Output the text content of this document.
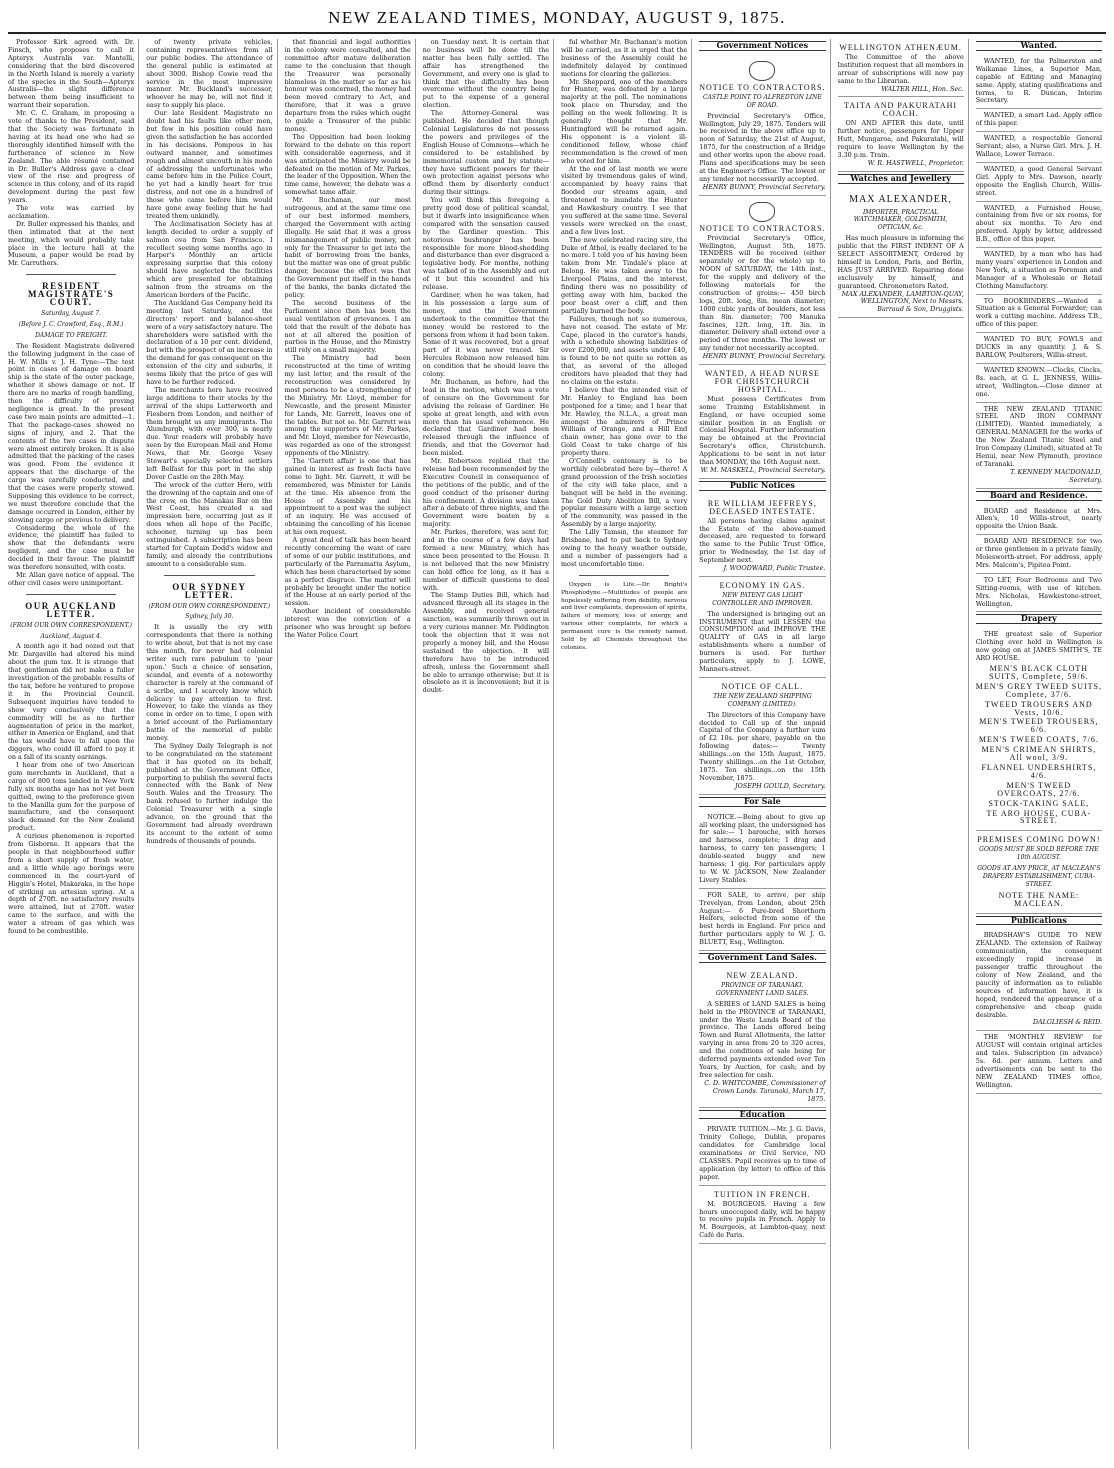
NEW ZEALAND TIMES, MONDAY, AUGUST 9, 1875.

Professor Kirk agreed with Dr. Finsch, who proposes to call it Apteryx Australis var. Mantelli, considering that the bird discovered in the North Island is merely a variety of the species in the South—Apteryx Australis—the slight difference between them being insufficient to warrant their separation.

Mr. C. C. Graham, in proposing a vote of thanks to the President, said that the Society was fortunate in having at its head one who had so thoroughly identified himself with the furtherance of science in New Zealand. The able résumé contained in Dr. Buller's Address gave a clear view of the rise and progress of science in this colony, and of its rapid development during the past few years.

The vote was carried by acclamation.

Dr. Buller expressed his thanks, and then intimated that at the next meeting, which would probably take place in the lecture hall at the Museum, a paper would be read by Mr. Carruthers.

RESIDENT MAGISTRATE'S COURT.
Saturday, August 7.
(Before J. C. Crawford, Esq., R.M.)
DAMAGE TO FREIGHT.

The Resident Magistrate delivered the following judgment in the case of H. W. Mills v. J. H. Tyne:—The test point in cases of damage on board ship is the state of the outer package, whether it shows damage or not. If there are no marks of rough handling, then the difficulty of proving negligence is great. In the present case two main points are admitted—1. That the package-cases showed no signs of injury, and 2. That the contents of the two cases in dispute were almost entirely broken. It is also admitted that the packing of the cases was good. From the evidence it appears that the discharge of the cargo was carefully conducted, and that the cases were properly stowed. Supposing this evidence to be correct, we must therefore conclude that the damage occurred in London, either by stowing cargo or previous to delivery.

Considering the whole of the evidence, the plaintiff has failed to show that the defendants were negligent, and the case must be decided in their favour. The plaintiff was therefore nonsuited, with costs.

Mr. Allan gave notice of appeal. The other civil cases were unimportant.

OUR AUCKLAND LETTER.
(FROM OUR OWN CORRESPONDENT.)
Auckland, August 4.

A month ago it had oozed out that Mr. Dargaville had altered his mind about the gum tax. It is strange that that gentleman did not make a fuller investigation of the probable results of the tax, before he ventured to propose it in the Provincial Council. Subsequent inquiries have tended to show very conclusively that the commodity will be as no further augmentation of price in the market, either in America or England, and that the tax would have to fall upon the diggers, who could ill afford to pay it on a fall of its scanty earnings.

I hear from one of two American gum merchants in Auckland, that a cargo of 800 tons landed in New York fully six months ago has not yet been quitted, owing to the preference given to the Manilla gum for the purpose of manufacture, and the consequent slack demand for the New Zealand product.

A curious phenomenon is reported from Gisborne. It appears that the people in that neighbourhood suffer from a short supply of fresh water, and a little while ago borings were commenced in the court-yard of Higgin's Hotel, Makaraka, in the hope of striking an artesian spring. At a depth of 270ft. no satisfactory results were attained, but at 270ft. water came to the surface, and with the water a stream of gas which was found to be combustible.

of twenty private vehicles, containing representatives from all our public bodies. The attendance of the general public is estimated at about 3000. Bishop Cowie read the service in the most impressive manner. Mr. Buckland's successor, whoever he may be, will not find it easy to supply his place.

Our late Resident Magistrate no doubt had his faults like other men, but few in his position could have given the satisfaction he has accorded in his decisions. Pompous in his outward manner, and sometimes rough and almost uncouth in his mode of addressing the unfortunates who came before him in the Police Court, he yet had a kindly heart for true distress, and not one in a hundred of those who came before him would have gone away feeling that he had treated them unkindly.

The Acclimatisation Society has at length decided to order a supply of salmon ova from San Francisco. I recollect seeing some months ago in Harper's Monthly an article expressing surprise that this colony should have neglected the facilities which are presented for obtaining salmon from the streams on the American borders of the Pacific.

The Auckland Gas Company held its meeting last Saturday, and the directors' report and balance-sheet were of a very satisfactory nature. The shareholders were satisfied with the declaration of a 10 per cent. dividend, but with the prospect of an increase in the demand for gas consequent on the extension of the city and suburbs, it seems likely that the price of gas will have to be further reduced.

The merchants here have received large additions to their stocks by the arrival of the ships Lutterworth and Fiesbern from London, and neither of them brought us any immigrants. The Alumburgh, with over 300, is nearly due. Your readers will probably have seen by the European Mail and Home News, that Mr. George Vesey Stewart's specially selected settlers left Belfast for this port in the ship Dover Castle on the 28th May.

The wreck of the cutter Hero, with the drowning of the captain and one of the crew, on the Manakau Bar on the West Coast, has created a sad impression here, occurring just as it does when all hope of the Pacific, schooner, turning up has been extinguished. A subscription has been started for Captain Dodd's widow and family, and already the contributions amount to a considerable sum.

OUR SYDNEY LETTER.
(FROM OUR OWN CORRESPONDENT.)
Sydney, July 30.

It is usually the cry with correspondents that there is nothing to write about, but that is not my case this month, for never had colonial writer such rare pabulum to 'pour upon.' Such a choice of sensation, scandal, and events of a noteworthy character is rarely at the command of a scribe, and I scarcely know which delicacy to pay attention to first. However, to take the viands as they come in order on to time, I open with a brief account of the Parliamentary battle of the memorial of public money.

The Sydney Daily Telegraph is not to be congratulated on the statement that it has quoted on its behalf, published at the Government Office, purporting to publish the several facts connected with the Bank of New South Wales and the Treasury. The bank refused to further indulge the Colonial Treasurer with a single advance, on the ground that the Government had already overdrawn its account to the extent of some hundreds of thousands of pounds.

that financial and legal authorities in the colony were consulted, and the committee after mature deliberation came to the conclusion that though the Treasurer was personally blameless in the matter so far as his honour was concerned, the money had been moved contrary to Act, and therefore, that it was a grave departure from the rules which ought to guide a Treasurer of the public money.

The Opposition had been looking forward to the debate on this report with considerable eagerness, and it was anticipated the Ministry would be defeated on the motion of Mr. Parkes, the leader of the Opposition. When the time came, however, the debate was a somewhat tame affair.

Mr. Buchanan, our most outrageous, and at the same time one of our best informed members, charged the Government with acting illegally. He said that it was a gross mismanagement of public money, not only for the Treasurer to get into the habit of borrowing from the banks, but the matter was one of great public danger, because the effect was that the Government put itself in the hands of the banks, the banks dictated the policy.

The second business of the Parliament since then has been the usual ventilation of grievances. I am told that the result of the debate has not at all altered the position of parties in the House, and the Ministry still rely on a small majority.

The Ministry had been reconstructed at the time of writing my last letter, and the result of the reconstruction was considered by most persons to be a strengthening of the Ministry. Mr. Lloyd, member for Newcastle, and the present Minister for Lands, Mr. Garrett, leaves one of the tables. But not so. Mr. Garrett was among the supporters of Mr. Parkes, and Mr. Lloyd, member for Newcastle, was regarded as one of the strongest opponents of the Ministry.

The 'Garrett affair' is one that has gained in interest as fresh facts have come to light. Mr. Garrett, it will be remembered, was Minister for Lands at the time. His absence from the House of Assembly and his appointment to a post was the subject of an inquiry. He was accused of obtaining the cancelling of his license at his own request.

A great deal of talk has been heard recently concerning the want of care of some of our public institutions, and particularly of the Parramatta Asylum, which has been characterised by some as a perfect disgrace. The matter will probably be brought under the notice of the House at an early period of the session.

Another incident of considerable interest was the conviction of a prisoner who was brought up before the Water Police Court

on Tuesday next. It is certain that no business will be done till the matter has been fully settled. The affair has strengthened the Government, and every one is glad to think that the difficulty has been overcome without the country being put to the expense of a general election.

The Attorney-General was published. He decided that though Colonial Legislatures do not possess the powers and privileges of the English House of Commons—which he considered to be established by immemorial custom and by statute—they have sufficient powers for their own protection against persons who offend them by disorderly conduct during their sittings.

You will think this foregoing a pretty good dose of political scandal, but it dwarfs into insignificance when compared with the sensation caused by the Gardiner question. This notorious bushranger has been responsible for more blood-shedding and disturbance than ever disgraced a legislative body. For months, nothing was talked of in the Assembly and out of it but this scoundrel and his release.

Gardiner, when he was taken, had in his possession a large sum of money, and the Government undertook to the committee that the money would be restored to the persons from whom it had been taken. Some of it was recovered, but a great part of it was never traced. Sir Hercules Robinson now released him on condition that he should leave the colony.

Mr. Buchanan, as before, had the lead in the motion, which was a vote of censure on the Government for advising the release of Gardiner. He spoke at great length, and with even more than his usual vehemence. He declared that Gardiner had been released through the influence of friends, and that the Governor had been misled.

Mr. Robertson replied that the release had been recommended by the Executive Council in consequence of the petitions of the public, and of the good conduct of the prisoner during his confinement. A division was taken after a debate of three nights, and the Government were beaten by a majority.

Mr. Parkes, therefore, was sent for, and in the course of a few days had formed a new Ministry, which has since been presented to the House. It is not believed that the new Ministry can hold office for long, as it has a number of difficult questions to deal with.

The Stamp Duties Bill, which had advanced through all its stages in the Assembly, and received general sanction, was summarily thrown out in a very curious manner. Mr. Piddington took the objection that it was not properly a money bill, and the House sustained the objection. It will therefore have to be introduced afresh, unless the Government shall be able to arrange otherwise; but it is obsolete as it is inconvenient; but it is doubt-

ful whether Mr. Buchanan's motion will be carried, as it is urged that the business of the Assembly could be indefinitely delayed by continued motions for clearing the galleries.

Mr. Sheppard, one of the members for Hunter, was defeated by a large majority at the poll. The nominations took place on Thursday, and the polling on the week following. It is generally thought that Mr. Huntingford will be returned again. His opponent is a violent ill-conditioned fellow, whose chief recommendation is the crowd of men who voted for him.

At the end of last month we were visited by tremendous gales of wind, accompanied by heavy rains that flooded our streams again, and threatened to inundate the Hunter and Hawkesbury country. I see that you suffered at the same time. Several vessels were wrecked on the coast, and a few lives lost.

The new celebrated racing sire, the Duke of Athol, is really declared to be no more. I told you of his having been taken from Mr. Tindale's place at Belong. He was taken away to the Liverpool Plains, and the interest, finding there was no possibility of getting away with him, backed the poor beast over a cliff, and then partially burned the body.

Failures, though not so numerous, have not ceased. The estate of Mr. Cape, placed in the curator's hands, with a schedule showing liabilities of over £200,000, and assets under £40, is found to be not quite so rotten as that, as several of the alleged creditors have pleaded that they had no claims on the estate.

I believe that the intended visit of Mr. Hanley to England has been postponed for a time; and I hear that Mr. Hawley, the N.L.A., a great man amongst the admirers of Prince William of Orange, and a Hill End chain owner, has gone over to the Gold Coast to take charge of his property there.

O'Connell's centenary is to be worthily celebrated here by—there! A grand procession of the Irish societies of the city will take place, and a banquet will be held in the evening. The Gold Duty Abolition Bill, a very popular measure with a large section of the community, was passed in the Assembly by a large majority.

The Lilly Tamsin, the steamer for Brisbane, had to put back to Sydney owing to the heavy weather outside, and a number of passengers had a most uncomfortable time.

Oxygen is Life.—Dr. Bright's Phosphodyne.—Multitudes of people are hopelessly suffering from debility, nervous and liver complaints, depression of spirits, failure of memory, loss of energy, and various other complaints, for which a permanent cure is the remedy named. Sold by all Chemists throughout the colonies.

Government Notices
NOTICE TO CONTRACTORS.
CASTLE POINT TO ALFREDTON LINE OF ROAD.

Provincial Secretary's Office, Wellington, July 29, 1875. Tenders will be received in the above office up to noon of Saturday, the 21st of August, 1875, for the construction of a Bridge and other works upon the above road. Plans and specifications may be seen at the Engineer's Office. The lowest or any tender not necessarily accepted.

HENRY BUNNY, Provincial Secretary.
NOTICE TO CONTRACTORS.

Provincial Secretary's Office, Wellington, August 5th, 1875. TENDERS will be received (either separately or for the whole) up to NOON of SATURDAY, the 14th inst., for the supply and delivery of the following materials for the construction of groins:— 450 birch logs, 20ft. long, 8in. mean diameter; 1000 cubic yards of boulders, not less than 8in. diameter; 700 Manuka fascines, 12ft. long, 1ft. 3in. in diameter. Delivery shall extend over a period of three months. The lowest or any tender not necessarily accepted.

HENRY BUNNY, Provincial Secretary.
WANTED, A HEAD NURSE FOR CHRISTCHURCH HOSPITAL.

Must possess Certificates from some Training Establishment in England, or have occupied some similar position in an English or Colonial Hospital. Further information may be obtained at the Provincial Secretary's office, Christchurch. Applications to be sent in not later than MONDAY, the 16th August next.

W. M. MASKELL, Provincial Secretary.
Public Notices
RE WILLIAM JEFFREYS, DECEASED INTESTATE.

All persons having claims against the Estate of the above-named deceased, are requested to forward the same to the Public Trust Office, prior to Wednesday, the 1st day of September next.

J. WOODWARD, Public Trustee.
ECONOMY IN GAS.
NEW PATENT GAS LIGHT CONTROLLER AND IMPROVER.

The undersigned is bringing out an INSTRUMENT that will LESSEN the CONSUMPTION and IMPROVE THE QUALITY of GAS in all large establishments where a number of burners is used. For further particulars, apply to J. LOWE, Manners-street.

NOTICE OF CALL.
THE NEW ZEALAND SHIPPING COMPANY (LIMITED).

The Directors of this Company have decided to Call up of the unpaid Capital of the Company a further sum of £2 10s. per share, payable on the following dates:— Twenty shillings...on the 15th August, 1875. Twenty shillings...on the 1st October, 1875. Ten shillings...on the 15th November, 1875.

JOSEPH GOULD, Secretary.
For Sale

NOTICE.—Being about to give up all working plant, the undersigned has for sale:— 1 barouche, with horses and harness, complete; 1 drag and harness, to carry ten passengers; 1 double-seated buggy and new harness; 1 gig. For particulars apply to W. W. JACKSON, New Zealander Livery Stables.

FOR SALE, to arrive, per ship Trevelyan, from London, about 25th August:— 6 Pure-bred Shorthorn Heifers, selected from some of the best herds in England. For price and further particulars apply to W. J. G. BLUETT, Esq., Wellington.

Government Land Sales.
NEW ZEALAND.
PROVINCE OF TARANAKI. GOVERNMENT LAND SALES.

A SERIES of LAND SALES is being held in the PROVINCE of TARANAKI, under the Waste Lands Board of the province. The Lands offered being Town and Rural Allotments, the latter varying in area from 20 to 320 acres, and the conditions of sale being for deferred payments extended over Ten Years, by Auction, for cash; and by free selection for cash.

C. D. WHITCOMBE, Commissioner of Crown Lands. Taranaki, March 17, 1875.
Education

PRIVATE TUITION.—Mr. J. G. Davis, Trinity College, Dublin, prepares candidates for Cambridge local examinations or Civil Service, NO CLASSES. Pupil receives up to time of application (by letter) to office of this paper.

TUITION IN FRENCH.

M. BOURGEOIS. Having a few hours unoccupied daily, will be happy to receive pupils in French. Apply to M. Bourgeois, at Lambton-quay, next Café de Paris.

WELLINGTON ATHENÆUM.

The Committee of the above Institution request that all members in arrear of subscriptions will now pay same to the Librarian.

WALTER HILL, Hon. Sec.
TAITA AND PAKURATAHI COACH.

ON AND AFTER this date, until further notice, passengers for Upper Hutt, Mungaroa, and Pakuratahi, will require to leave Wellington by the 3.30 p.m. Train.

W. R. HASTWELL, Proprietor.
Watches and Jewellery
MAX ALEXANDER,
IMPORTER, PRACTICAL WATCHMAKER, GOLDSMITH, OPTICIAN, &c.

Has much pleasure in informing the public that the FIRST INDENT OF A SELECT ASSORTMENT, Ordered by himself in London, Paris, and Berlin, HAS JUST ARRIVED. Repairing done exclusively by himself, and guaranteed. Chronometers Rated.

MAX ALEXANDER, LAMBTON-QUAY, WELLINGTON, Next to Messrs. Barraud & Son, Druggists.
Wanted.

WANTED, for the Palmerston and Waikanae Lines, a Superior Man, capable of Editing and Managing same. Apply, stating qualifications and terms, to R. Duncan, Interim Secretary.

WANTED, a smart Lad. Apply office of this paper.

WANTED, a respectable General Servant; also, a Nurse Girl. Mrs. J. H. Wallace, Lower Terrace.

WANTED, a good General Servant Girl. Apply to Mrs. Dawson, nearly opposite the English Church, Willis-street.

WANTED, a Furnished House, containing from five or six rooms, for about six months. To Aro end preferred. Apply by letter, addressed B.B., office of this paper.

WANTED, by a man who has had many years' experience in London and New York, a situation as Foreman and Manager of a Wholesale or Retail Clothing Manufactory.

TO BOOKBINDERS.—Wanted a Situation as a General Forwarder; can work a cutting machine. Address T.B., office of this paper.

WANTED TO BUY, FOWLS and DUCKS in any quantity. J. & S. BARLOW, Poulterers, Willis-street.

WANTED KNOWN.—Clocks, Clocks, 8s. each, at G. L. JENNESS, Willis-street, Wellington.—Close dinner at one.

THE NEW ZEALAND TITANIC STEEL AND IRON COMPANY (LIMITED). Wanted immediately, a GENERAL MANAGER for the works of the New Zealand Titanic Steel and Iron Company (Limited), situated at Te Henui, near New Plymouth, province of Taranaki.

T. KENNEDY MACDONALD, Secretary.
Board and Residence.

BOARD and Residence at Mrs. Allen's, 10 Willis-street, nearly opposite the Union Bank.

BOARD AND RESIDENCE for two or three gentlemen in a private family, Molesworth-street. For address, apply Mrs. Malcom's, Pipitea Point.

TO LET, Four Bedrooms and Two Sitting-rooms, with use of kitchen. Mrs. Nicholas, Hawkestone-street, Wellington.

Drapery

THE greatest sale of Superior Clothing ever held in Wellington is now going on at JAMES SMITH'S, TE ARO HOUSE.

MEN'S BLACK CLOTH SUITS, Complete, 59/6.
MEN'S GREY TWEED SUITS, Complete, 37/6.
TWEED TROUSERS AND Vests, 10/6.
MEN'S TWEED TROUSERS, 6/6.
MEN'S TWEED COATS, 7/6.
MEN'S CRIMEAN SHIRTS, All wool, 3/9.
FLANNEL UNDERSHIRTS, 4/6.
MEN'S TWEED OVERCOATS, 27/6.
STOCK-TAKING SALE,
TE ARO HOUSE, CUBA-STREET.
PREMISES COMING DOWN!
GOODS MUST BE SOLD BEFORE THE 10th AUGUST.
GOODS AT ANY PRICE, AT MACLEAN'S DRAPERY ESTABLISHMENT, CUBA-STREET.
NOTE THE NAME: MACLEAN.
Publications

BRADSHAW'S GUIDE TO NEW ZEALAND. The extension of Railway communication, the consequent exceedingly rapid increase in passenger traffic throughout the colony of New Zealand, and the paucity of information as to reliable sources of information have, it is hoped, rendered the appearance of a comprehensive and cheap guide desirable.

DALGLIESH & REID.

THE 'MONTHLY REVIEW' for AUGUST will contain original articles and tales. Subscription (in advance) 5s. 6d. per annum. Letters and advertisements can be sent to the NEW ZEALAND TIMES office, Wellington.
